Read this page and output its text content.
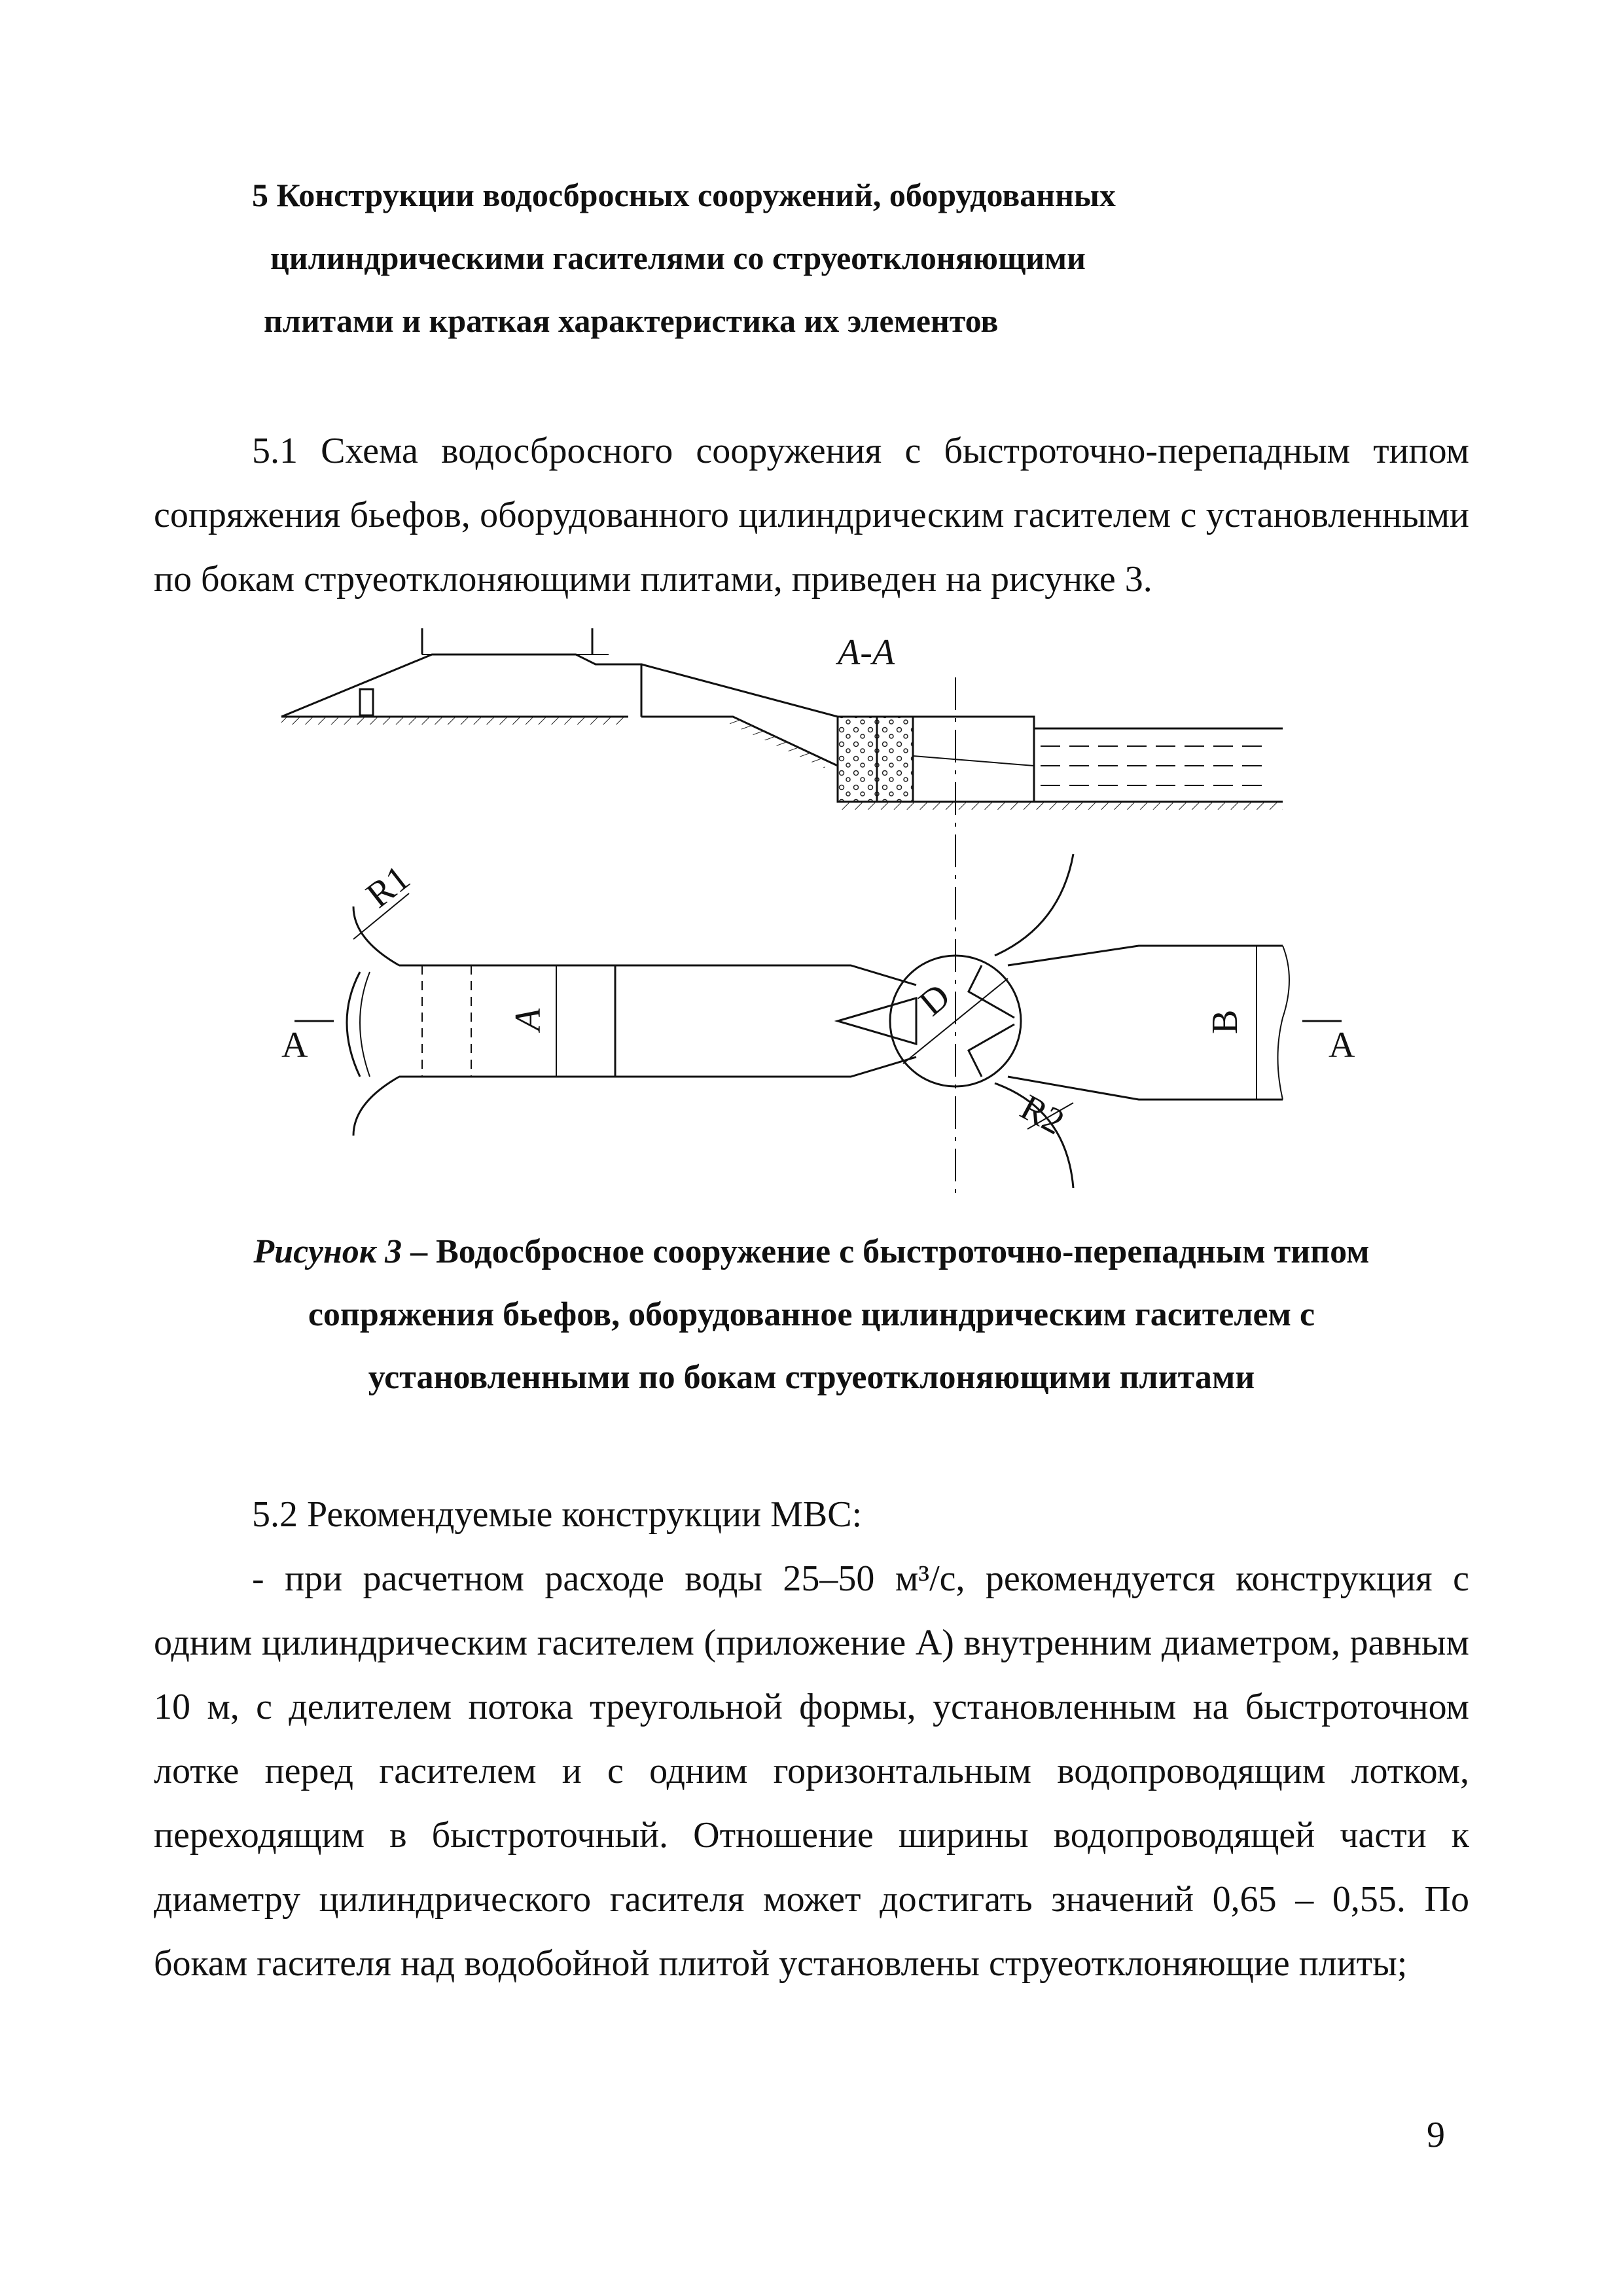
5 Конструкции водосбросных сооружений, оборудованных
цилиндрическими гасителями со струеотклоняющими
плитами и краткая характеристика их элементов
5.1 Схема водосбросного сооружения с быстроточно-перепадным типом сопряжения бьефов, оборудованного цилиндрическим гасителем с установленными по бокам струеотклоняющими плитами, приведен на рисунке 3.
А-А
A	A
A	B
D
R1
R2
Рисунок 3 – Водосбросное сооружение с быстроточно-перепадным типом
сопряжения бьефов, оборудованное цилиндрическим гасителем с
установленными по бокам струеотклоняющими плитами
5.2 Рекомендуемые конструкции МВС:
- при расчетном расходе воды 25–50 м³/с, рекомендуется конструкция с одним цилиндрическим гасителем (приложение А) внутренним диаметром, равным 10 м, с делителем потока треугольной формы, установленным на быстроточном лотке перед гасителем и с одним горизонтальным водопроводящим лотком, переходящим в быстроточный. Отношение ширины водопроводящей части к диаметру цилиндрического гасителя может достигать значений 0,65 – 0,55. По бокам гасителя над водобойной плитой установлены струеотклоняющие плиты;
9
